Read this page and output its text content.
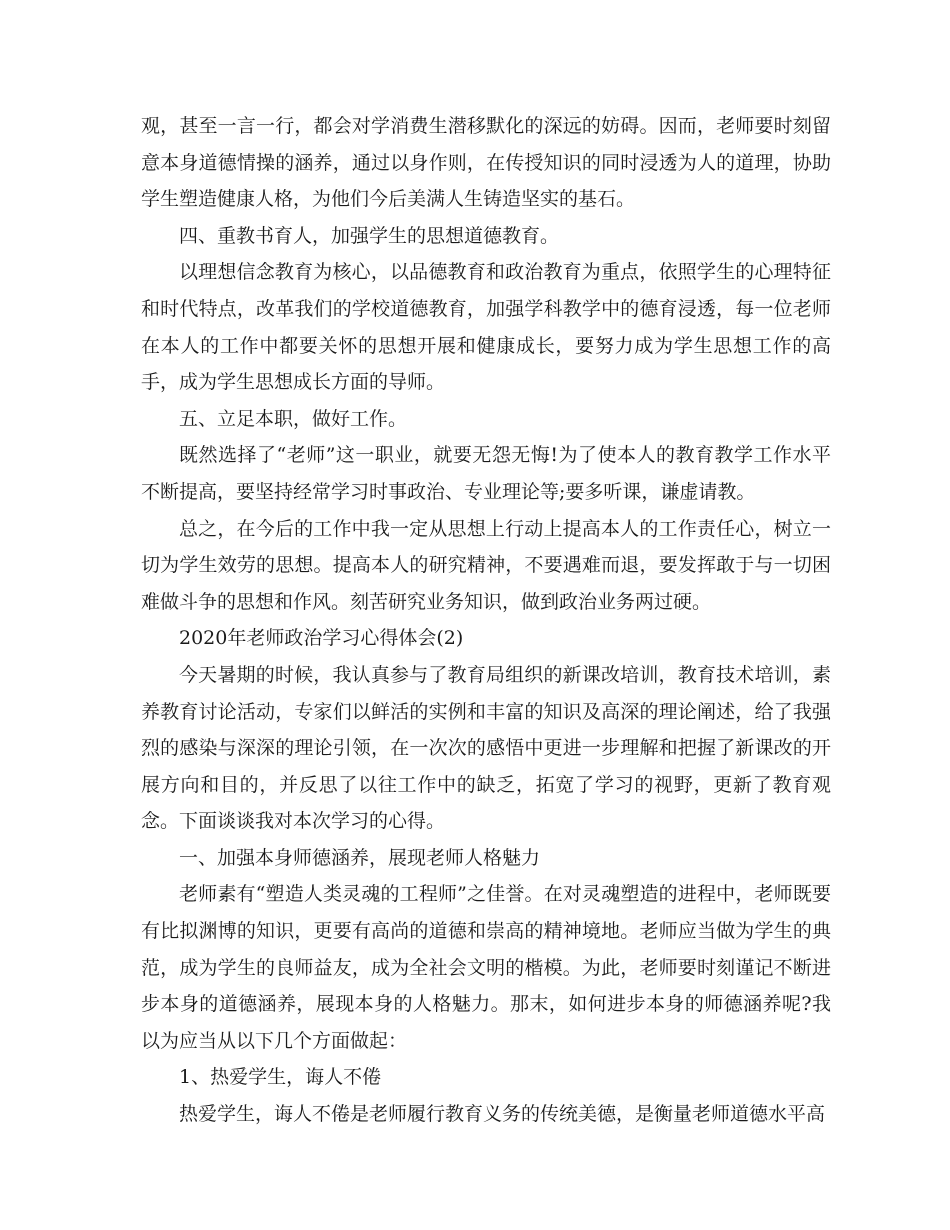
观，甚至一言一行，都会对学消费生潜移默化的深远的妨碍。因而，老师要时刻留意本身道德情操的涵养，通过以身作则，在传授知识的同时浸透为人的道理，协助学生塑造健康人格，为他们今后美满人生铸造坚实的基石。

四、重教书育人，加强学生的思想道德教育。

以理想信念教育为核心，以品德教育和政治教育为重点，依照学生的心理特征和时代特点，改革我们的学校道德教育，加强学科教学中的德育浸透，每一位老师在本人的工作中都要关怀的思想开展和健康成长，要努力成为学生思想工作的高手，成为学生思想成长方面的导师。

五、立足本职，做好工作。

既然选择了“老师”这一职业，就要无怨无悔!为了使本人的教育教学工作水平不断提高，要坚持经常学习时事政治、专业理论等;要多听课，谦虚请教。

总之，在今后的工作中我一定从思想上行动上提高本人的工作责任心，树立一切为学生效劳的思想。提高本人的研究精神，不要遇难而退，要发挥敢于与一切困难做斗争的思想和作风。刻苦研究业务知识，做到政治业务两过硬。

2020年老师政治学习心得体会(2)

今天暑期的时候，我认真参与了教育局组织的新课改培训，教育技术培训，素养教育讨论活动，专家们以鲜活的实例和丰富的知识及高深的理论阐述，给了我强烈的感染与深深的理论引领，在一次次的感悟中更进一步理解和把握了新课改的开展方向和目的，并反思了以往工作中的缺乏，拓宽了学习的视野，更新了教育观念。下面谈谈我对本次学习的心得。

一、加强本身师德涵养，展现老师人格魅力

老师素有“塑造人类灵魂的工程师”之佳誉。在对灵魂塑造的进程中，老师既要有比拟渊博的知识，更要有高尚的道德和崇高的精神境地。老师应当做为学生的典范，成为学生的良师益友，成为全社会文明的楷模。为此，老师要时刻谨记不断进步本身的道德涵养，展现本身的人格魅力。那末，如何进步本身的师德涵养呢?我以为应当从以下几个方面做起：

1、热爱学生，诲人不倦

热爱学生，诲人不倦是老师履行教育义务的传统美德，是衡量老师道德水平高
